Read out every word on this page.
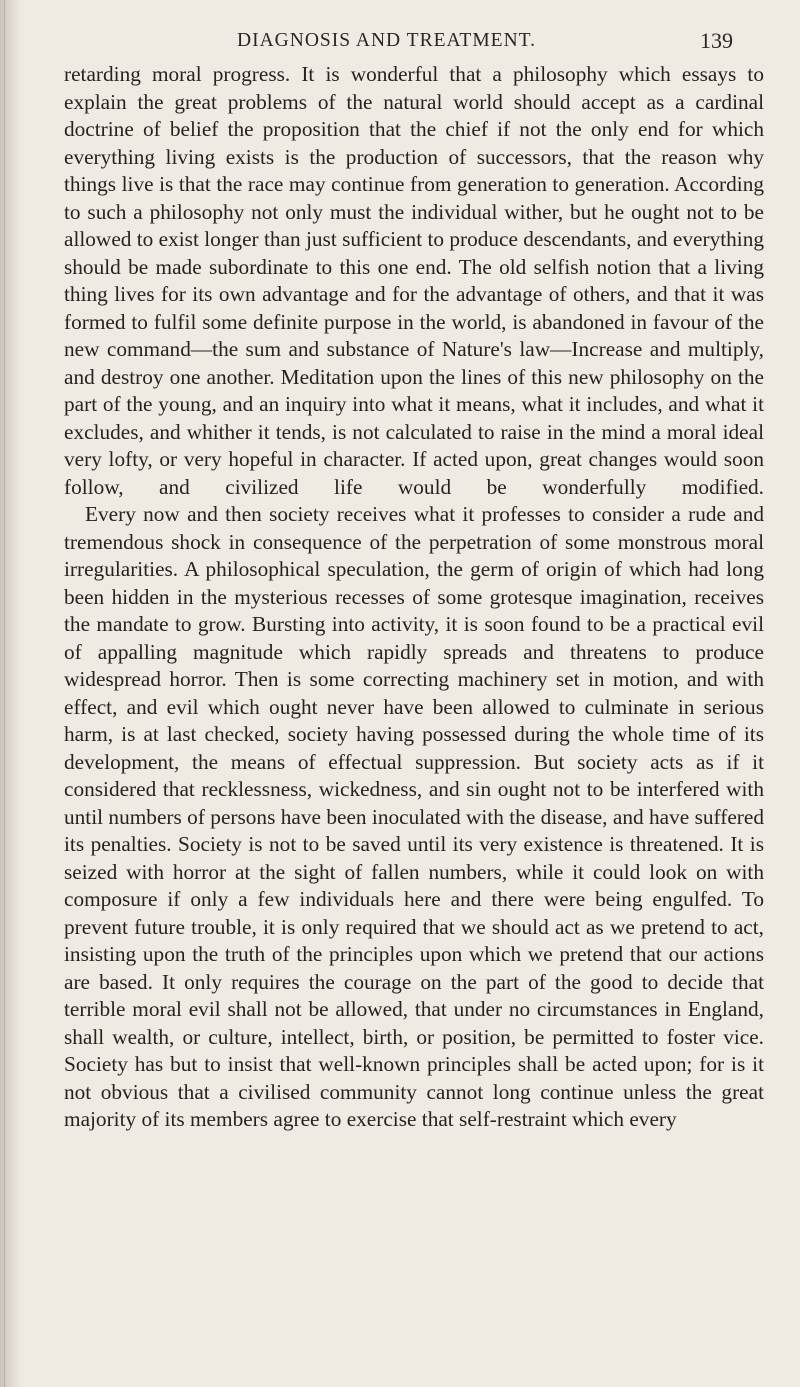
DIAGNOSIS AND TREATMENT.	139

retarding moral progress. It is wonderful that a philosophy which essays to explain the great problems of the natural world should accept as a cardinal doctrine of belief the proposition that the chief if not the only end for which everything living exists is the production of successors, that the reason why things live is that the race may continue from generation to generation. According to such a philosophy not only must the individual wither, but he ought not to be allowed to exist longer than just sufficient to produce descendants, and everything should be made subordinate to this one end. The old selfish notion that a living thing lives for its own advantage and for the advantage of others, and that it was formed to fulfil some definite purpose in the world, is abandoned in favour of the new command—the sum and substance of Nature's law—Increase and multiply, and destroy one another. Meditation upon the lines of this new philosophy on the part of the young, and an inquiry into what it means, what it includes, and what it excludes, and whither it tends, is not calculated to raise in the mind a moral ideal very lofty, or very hopeful in character. If acted upon, great changes would soon follow, and civilized life would be wonderfully modified.

Every now and then society receives what it professes to consider a rude and tremendous shock in consequence of the perpetration of some monstrous moral irregularities. A philosophical speculation, the germ of origin of which had long been hidden in the mysterious recesses of some grotesque imagination, receives the mandate to grow. Bursting into activity, it is soon found to be a practical evil of appalling magnitude which rapidly spreads and threatens to produce widespread horror. Then is some correcting machinery set in motion, and with effect, and evil which ought never have been allowed to culminate in serious harm, is at last checked, society having possessed during the whole time of its development, the means of effectual suppression. But society acts as if it considered that recklessness, wickedness, and sin ought not to be interfered with until numbers of persons have been inoculated with the disease, and have suffered its penalties. Society is not to be saved until its very existence is threatened. It is seized with horror at the sight of fallen numbers, while it could look on with composure if only a few individuals here and there were being engulfed. To prevent future trouble, it is only required that we should act as we pretend to act, insisting upon the truth of the principles upon which we pretend that our actions are based. It only requires the courage on the part of the good to decide that terrible moral evil shall not be allowed, that under no circumstances in England, shall wealth, or culture, intellect, birth, or position, be permitted to foster vice. Society has but to insist that well-known principles shall be acted upon; for is it not obvious that a civilised community cannot long continue unless the great majority of its members agree to exercise that self-restraint which every
